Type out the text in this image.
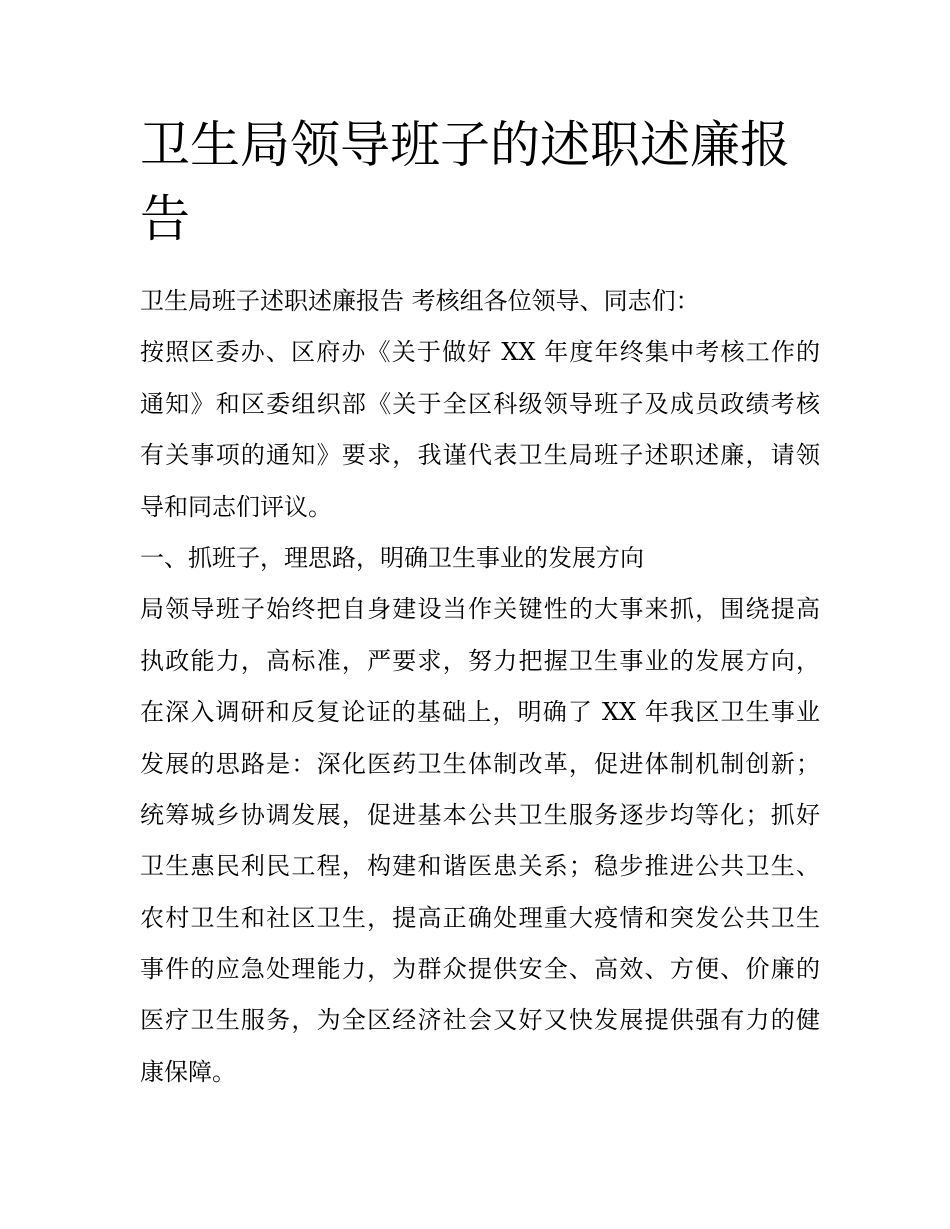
卫生局领导班子的述职述廉报
告
卫生局班子述职述廉报告 考核组各位领导、同志们：
按照区委办、区府办《关于做好 XX 年度年终集中考核工作的
通知》和区委组织部《关于全区科级领导班子及成员政绩考核
有关事项的通知》要求，我谨代表卫生局班子述职述廉，请领
导和同志们评议。
一、抓班子，理思路，明确卫生事业的发展方向
局领导班子始终把自身建设当作关键性的大事来抓，围绕提高
执政能力，高标准，严要求，努力把握卫生事业的发展方向，
在深入调研和反复论证的基础上，明确了 XX 年我区卫生事业
发展的思路是：深化医药卫生体制改革，促进体制机制创新；
统筹城乡协调发展，促进基本公共卫生服务逐步均等化；抓好
卫生惠民利民工程，构建和谐医患关系；稳步推进公共卫生、
农村卫生和社区卫生，提高正确处理重大疫情和突发公共卫生
事件的应急处理能力，为群众提供安全、高效、方便、价廉的
医疗卫生服务，为全区经济社会又好又快发展提供强有力的健
康保障。
